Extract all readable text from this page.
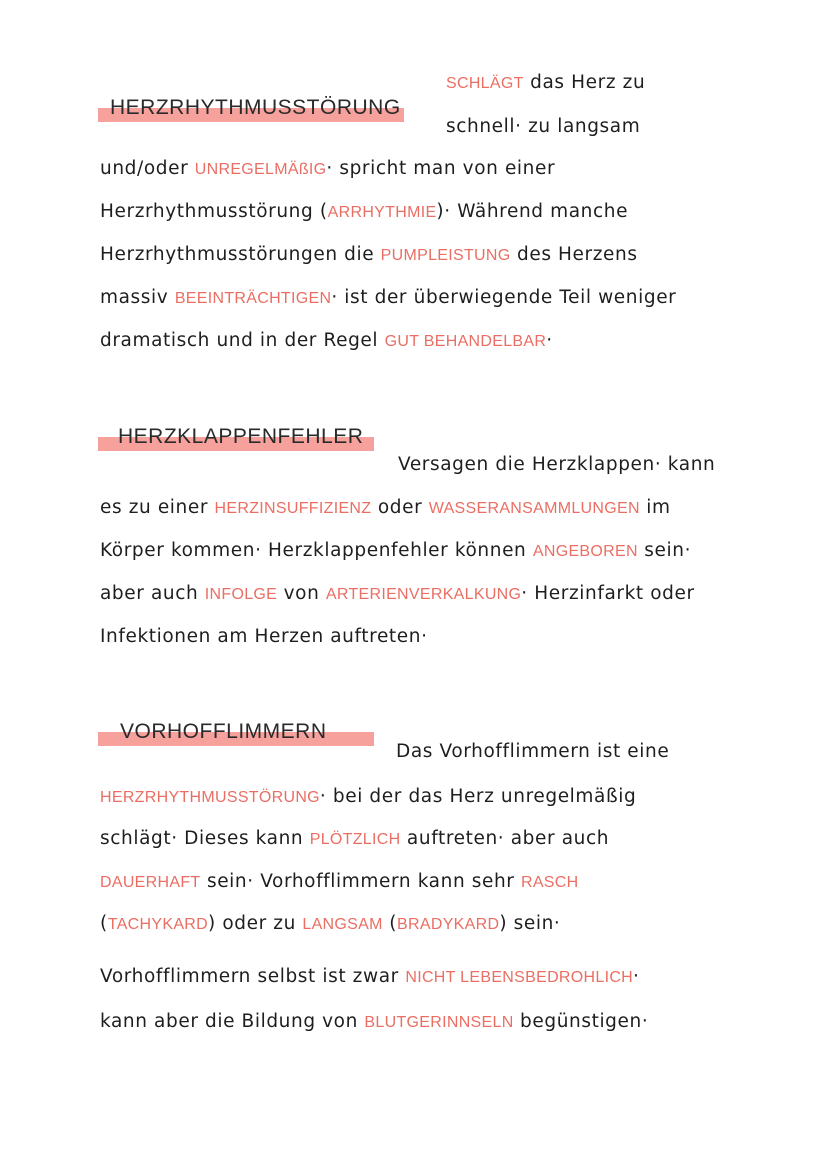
HERZRHYTHMUSSTÖRUNG
SCHLÄGT das Herz zu
schnell· zu langsam
und/oder UNREGELMÄßIG· spricht man von einer
Herzrhythmusstörung (ARRHYTHMIE)· Während manche
Herzrhythmusstörungen die PUMPLEISTUNG des Herzens
massiv BEEINTRÄCHTIGEN· ist der überwiegende Teil weniger
dramatisch und in der Regel GUT BEHANDELBAR·
HERZKLAPPENFEHLER
Versagen die Herzklappen· kann
es zu einer HERZINSUFFIZIENZ oder WASSERANSAMMLUNGEN im
Körper kommen· Herzklappenfehler können ANGEBOREN sein·
aber auch INFOLGE von ARTERIENVERKALKUNG· Herzinfarkt oder
Infektionen am Herzen auftreten·
VORHOFFLIMMERN
Das Vorhofflimmern ist eine
HERZRHYTHMUSSTÖRUNG· bei der das Herz unregelmäßig
schlägt· Dieses kann PLÖTZLICH auftreten· aber auch
DAUERHAFT sein· Vorhofflimmern kann sehr RASCH
(TACHYKARD) oder zu LANGSAM (BRADYKARD) sein·
Vorhofflimmern selbst ist zwar NICHT LEBENSBEDROHLICH·
kann aber die Bildung von BLUTGERINNSELN begünstigen·
